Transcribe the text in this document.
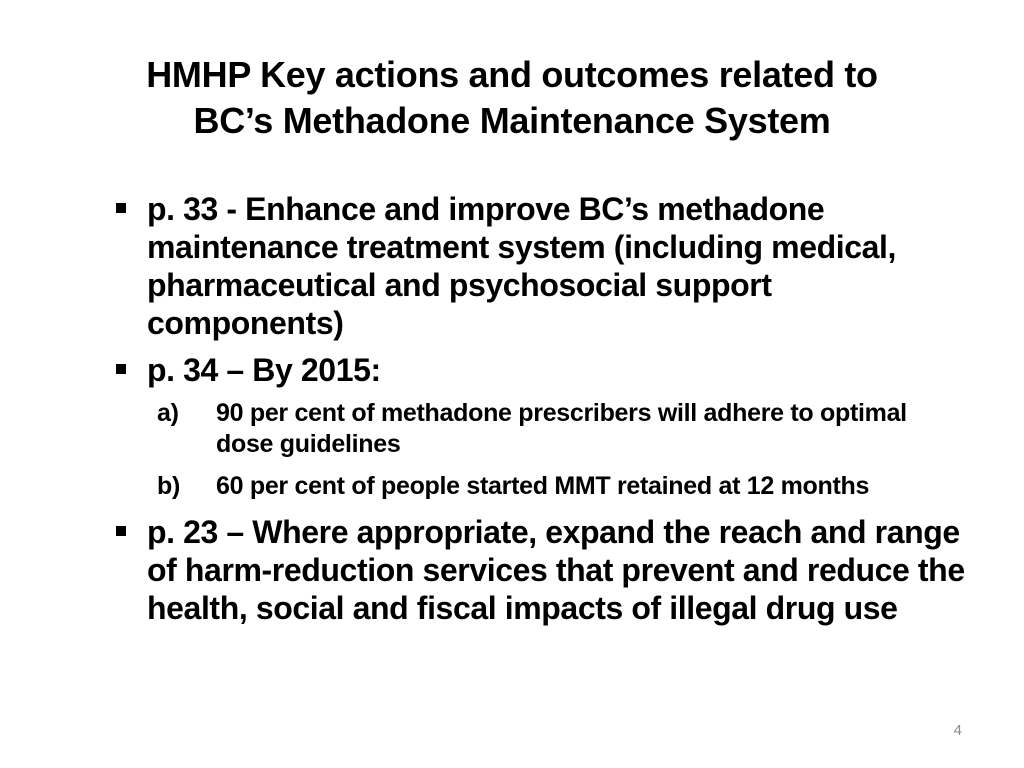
HMHP Key actions and outcomes related to
BC’s Methadone Maintenance System
p. 33 - Enhance and improve BC’s methadone maintenance treatment system (including medical, pharmaceutical and psychosocial support components)
p. 34 – By 2015:
a) 90 per cent of methadone prescribers will adhere to optimal dose guidelines
b) 60 per cent of people started MMT retained at 12 months
p. 23 – Where appropriate, expand the reach and range of harm-reduction services that prevent and reduce the health, social and fiscal impacts of illegal drug use
4
